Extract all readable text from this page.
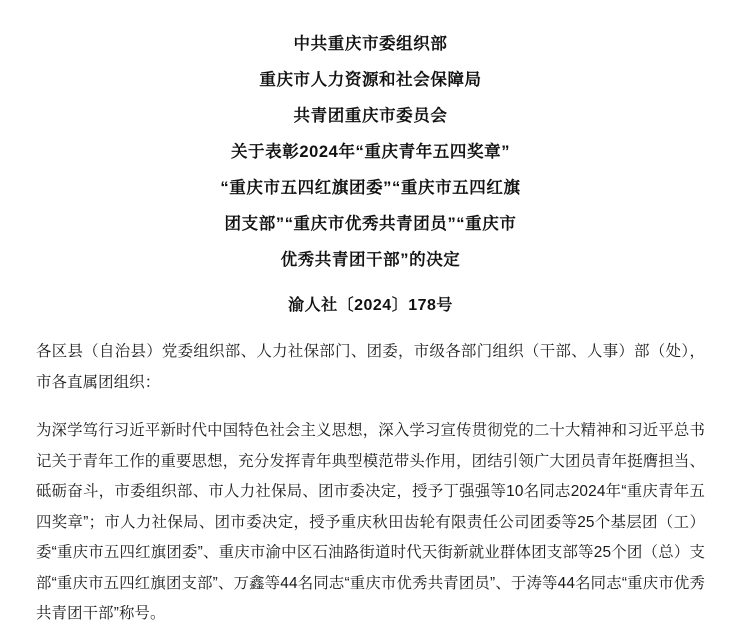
中共重庆市委组织部
重庆市人力资源和社会保障局
共青团重庆市委员会
关于表彰2024年“重庆青年五四奖章”
“重庆市五四红旗团委”“重庆市五四红旗
团支部”“重庆市优秀共青团员”“重庆市
优秀共青团干部”的决定
渝人社〔2024〕178号
各区县（自治县）党委组织部、人力社保部门、团委，市级各部门组织（干部、人事）部（处），市各直属团组织：
为深学笃行习近平新时代中国特色社会主义思想，深入学习宣传贯彻党的二十大精神和习近平总书记关于青年工作的重要思想，充分发挥青年典型模范带头作用，团结引领广大团员青年挺膺担当、砥砺奋斗，市委组织部、市人力社保局、团市委决定，授予丁强强等10名同志2024年“重庆青年五四奖章”；市人力社保局、团市委决定，授予重庆秋田齿轮有限责任公司团委等25个基层团（工）委“重庆市五四红旗团委”、重庆市渝中区石油路街道时代天街新就业群体团支部等25个团（总）支部“重庆市五四红旗团支部”、万鑫等44名同志“重庆市优秀共青团员”、于涛等44名同志“重庆市优秀共青团干部”称号。
